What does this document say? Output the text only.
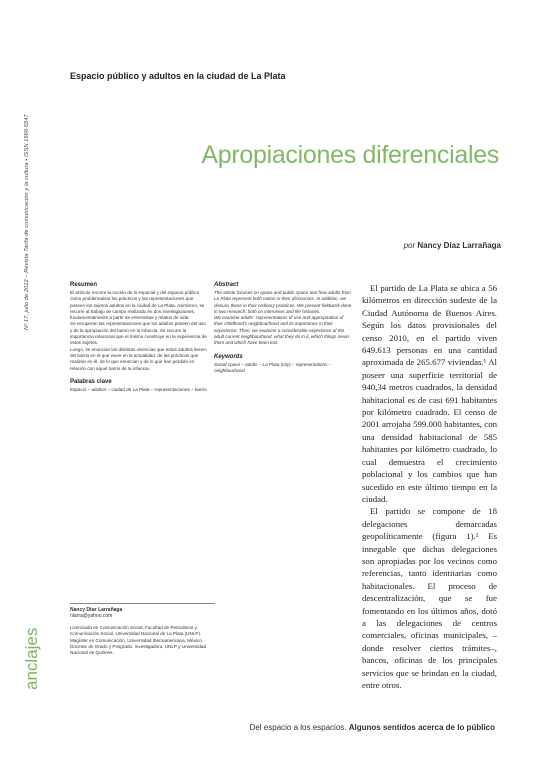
Nº 17, julio de 2012 – Revista Tarifa de comunicación y la cultura • ISSN 1668-5547
anclajes
Espacio público y adultos en la ciudad de La Plata
Apropiaciones diferenciales
por Nancy Díaz Larrañaga
Resumen

El artículo recorre la noción de lo espacial y del espacio público como problematizar los prácticos y las representaciones que poseen los sujetos adultos en la ciudad de La Plata. Asimismo, se recurre al trabajo de campo realizado en dos investigaciones, fundamentalmente a partir de entrevistas y relatos de vida.

Se recuperan las representaciones que los adultos poseen del uso y de la apropiación del barrio en la infancia. Se recurre la importancia relacional que el mismo construye en la experiencia de estos sujetos.

Luego, se enuncian las distintas vivencias que estos adultos tienen del barrio en el que viven en la actualidad, de las prácticas que realizan en él, de lo que enuncian y de lo que han perdido en relación con aquel barrio de la infancia.

Palabras clave

Espacio – adultos – ciudad de La Plata – representaciones – barrio

Abstract

The article focuses on space and public space and how adults from La Plata represent both notion in their discourses. In addition, we discuss these in their ordinary practices. We present fieldwork done in two research: both on interviews and life histories.

We examine adults´ representations of use and appropriation of their childhood's neighbourhood and its importance in their experience. Then, we examine a considerable experience of the adult current neighbourhood, what they do in it, which things mean them and which have been lost.

Keywords

Social space – adults – La Plata (city) – representations – neighbourhood

Nancy Díaz Larrañaga
nlarra@yahoo.com

Licenciada en Comunicación Social, Facultad de Periodismo y Comunicación Social, Universidad Nacional de La Plata (UNLP). Magíster en Comunicación, Universidad Iberoamericana, México. Docente de Grado y Posgrado. Investigadora, UNLP y Universidad Nacional de Quilmes.

El partido de La Plata se ubica a 56 kilómetros en dirección sudeste de la Ciudad Autónoma de Buenos Aires. Según los datos provisionales del censo 2010, en el partido viven 649.613 personas en una cantidad aproximada de 265.677 viviendas.¹ Al poseer una superficie territorial de 940,34 metros cuadrados, la densidad habitacional es de casi 691 habitantes por kilómetro cuadrado. El censo de 2001 arrojaba 599.000 habitantes, con una densidad habitacional de 585 habitantes por kilómetro cuadrado, lo cual demuestra el crecimiento poblacional y los cambios que han sucedido en este último tiempo en la ciudad.

El partido se compone de 18 delegaciones demarcadas geopolíticamente (figura 1).² Es innegable que dichas delegaciones son apropiadas por los vecinos como referencias, tanto identitarias como habitacionales. El proceso de descentralización, que se fue fomentando en los últimos años, dotó a las delegaciones de centros comerciales, oficinas municipales, –donde resolver ciertos trámites–, bancos, oficinas de los principales servicios que se brindan en la ciudad, entre otros.

Del espacio a los espacios. Algunos sentidos acerca de lo público
